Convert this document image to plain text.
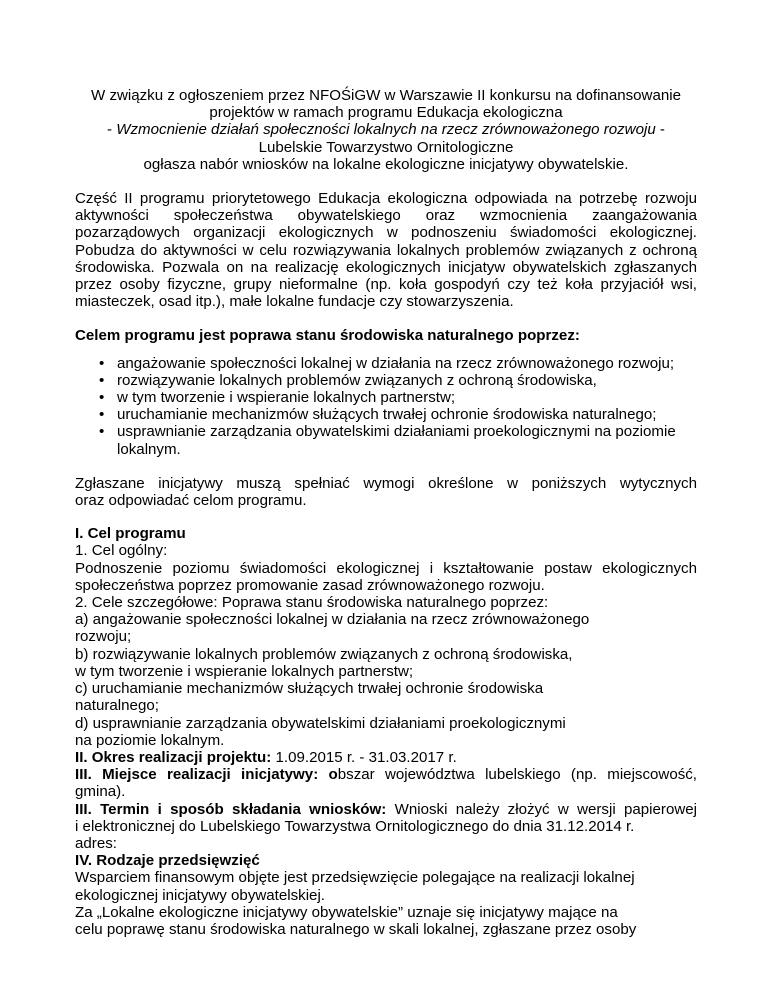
W związku z ogłoszeniem przez NFOŚiGW w Warszawie II konkursu na dofinansowanie
projektów w ramach programu Edukacja ekologiczna
- Wzmocnienie działań społeczności lokalnych na rzecz zrównoważonego rozwoju -
Lubelskie Towarzystwo Ornitologiczne
ogłasza nabór wniosków na lokalne ekologiczne inicjatywy obywatelskie.
Część II programu priorytetowego Edukacja ekologiczna odpowiada na potrzebę rozwoju
aktywności społeczeństwa obywatelskiego oraz wzmocnienia zaangażowania
pozarządowych organizacji ekologicznych w podnoszeniu świadomości ekologicznej.
Pobudza do aktywności w celu rozwiązywania lokalnych problemów związanych z ochroną
środowiska. Pozwala on na realizację ekologicznych inicjatyw obywatelskich zgłaszanych
przez osoby fizyczne, grupy nieformalne (np. koła gospodyń czy też koła przyjaciół wsi,
miasteczek, osad itp.), małe lokalne fundacje czy stowarzyszenia.
Celem programu jest poprawa stanu środowiska naturalnego poprzez:
• angażowanie społeczności lokalnej w działania na rzecz zrównoważonego rozwoju;
• rozwiązywanie lokalnych problemów związanych z ochroną środowiska,
• w tym tworzenie i wspieranie lokalnych partnerstw;
• uruchamianie mechanizmów służących trwałej ochronie środowiska naturalnego;
• usprawnianie zarządzania obywatelskimi działaniami proekologicznymi na poziomie
lokalnym.
Zgłaszane inicjatywy muszą spełniać wymogi określone w poniższych wytycznych
oraz odpowiadać celom programu.
I. Cel programu
1. Cel ogólny:
Podnoszenie poziomu świadomości ekologicznej i kształtowanie postaw ekologicznych
społeczeństwa poprzez promowanie zasad zrównoważonego rozwoju.
2. Cele szczegółowe: Poprawa stanu środowiska naturalnego poprzez:
a) angażowanie społeczności lokalnej w działania na rzecz zrównoważonego
rozwoju;
b) rozwiązywanie lokalnych problemów związanych z ochroną środowiska,
w tym tworzenie i wspieranie lokalnych partnerstw;
c) uruchamianie mechanizmów służących trwałej ochronie środowiska
naturalnego;
d) usprawnianie zarządzania obywatelskimi działaniami proekologicznymi
na poziomie lokalnym.
II. Okres realizacji projektu: 1.09.2015 r. - 31.03.2017 r.
III. Miejsce realizacji inicjatywy: obszar województwa lubelskiego (np. miejscowość,
gmina).
III. Termin i sposób składania wniosków: Wnioski należy złożyć w wersji papierowej
i elektronicznej do Lubelskiego Towarzystwa Ornitologicznego do dnia 31.12.2014 r.
adres:
IV. Rodzaje przedsięwzięć
Wsparciem finansowym objęte jest przedsięwzięcie polegające na realizacji lokalnej
ekologicznej inicjatywy obywatelskiej.
Za „Lokalne ekologiczne inicjatywy obywatelskie” uznaje się inicjatywy mające na
celu poprawę stanu środowiska naturalnego w skali lokalnej, zgłaszane przez osoby
